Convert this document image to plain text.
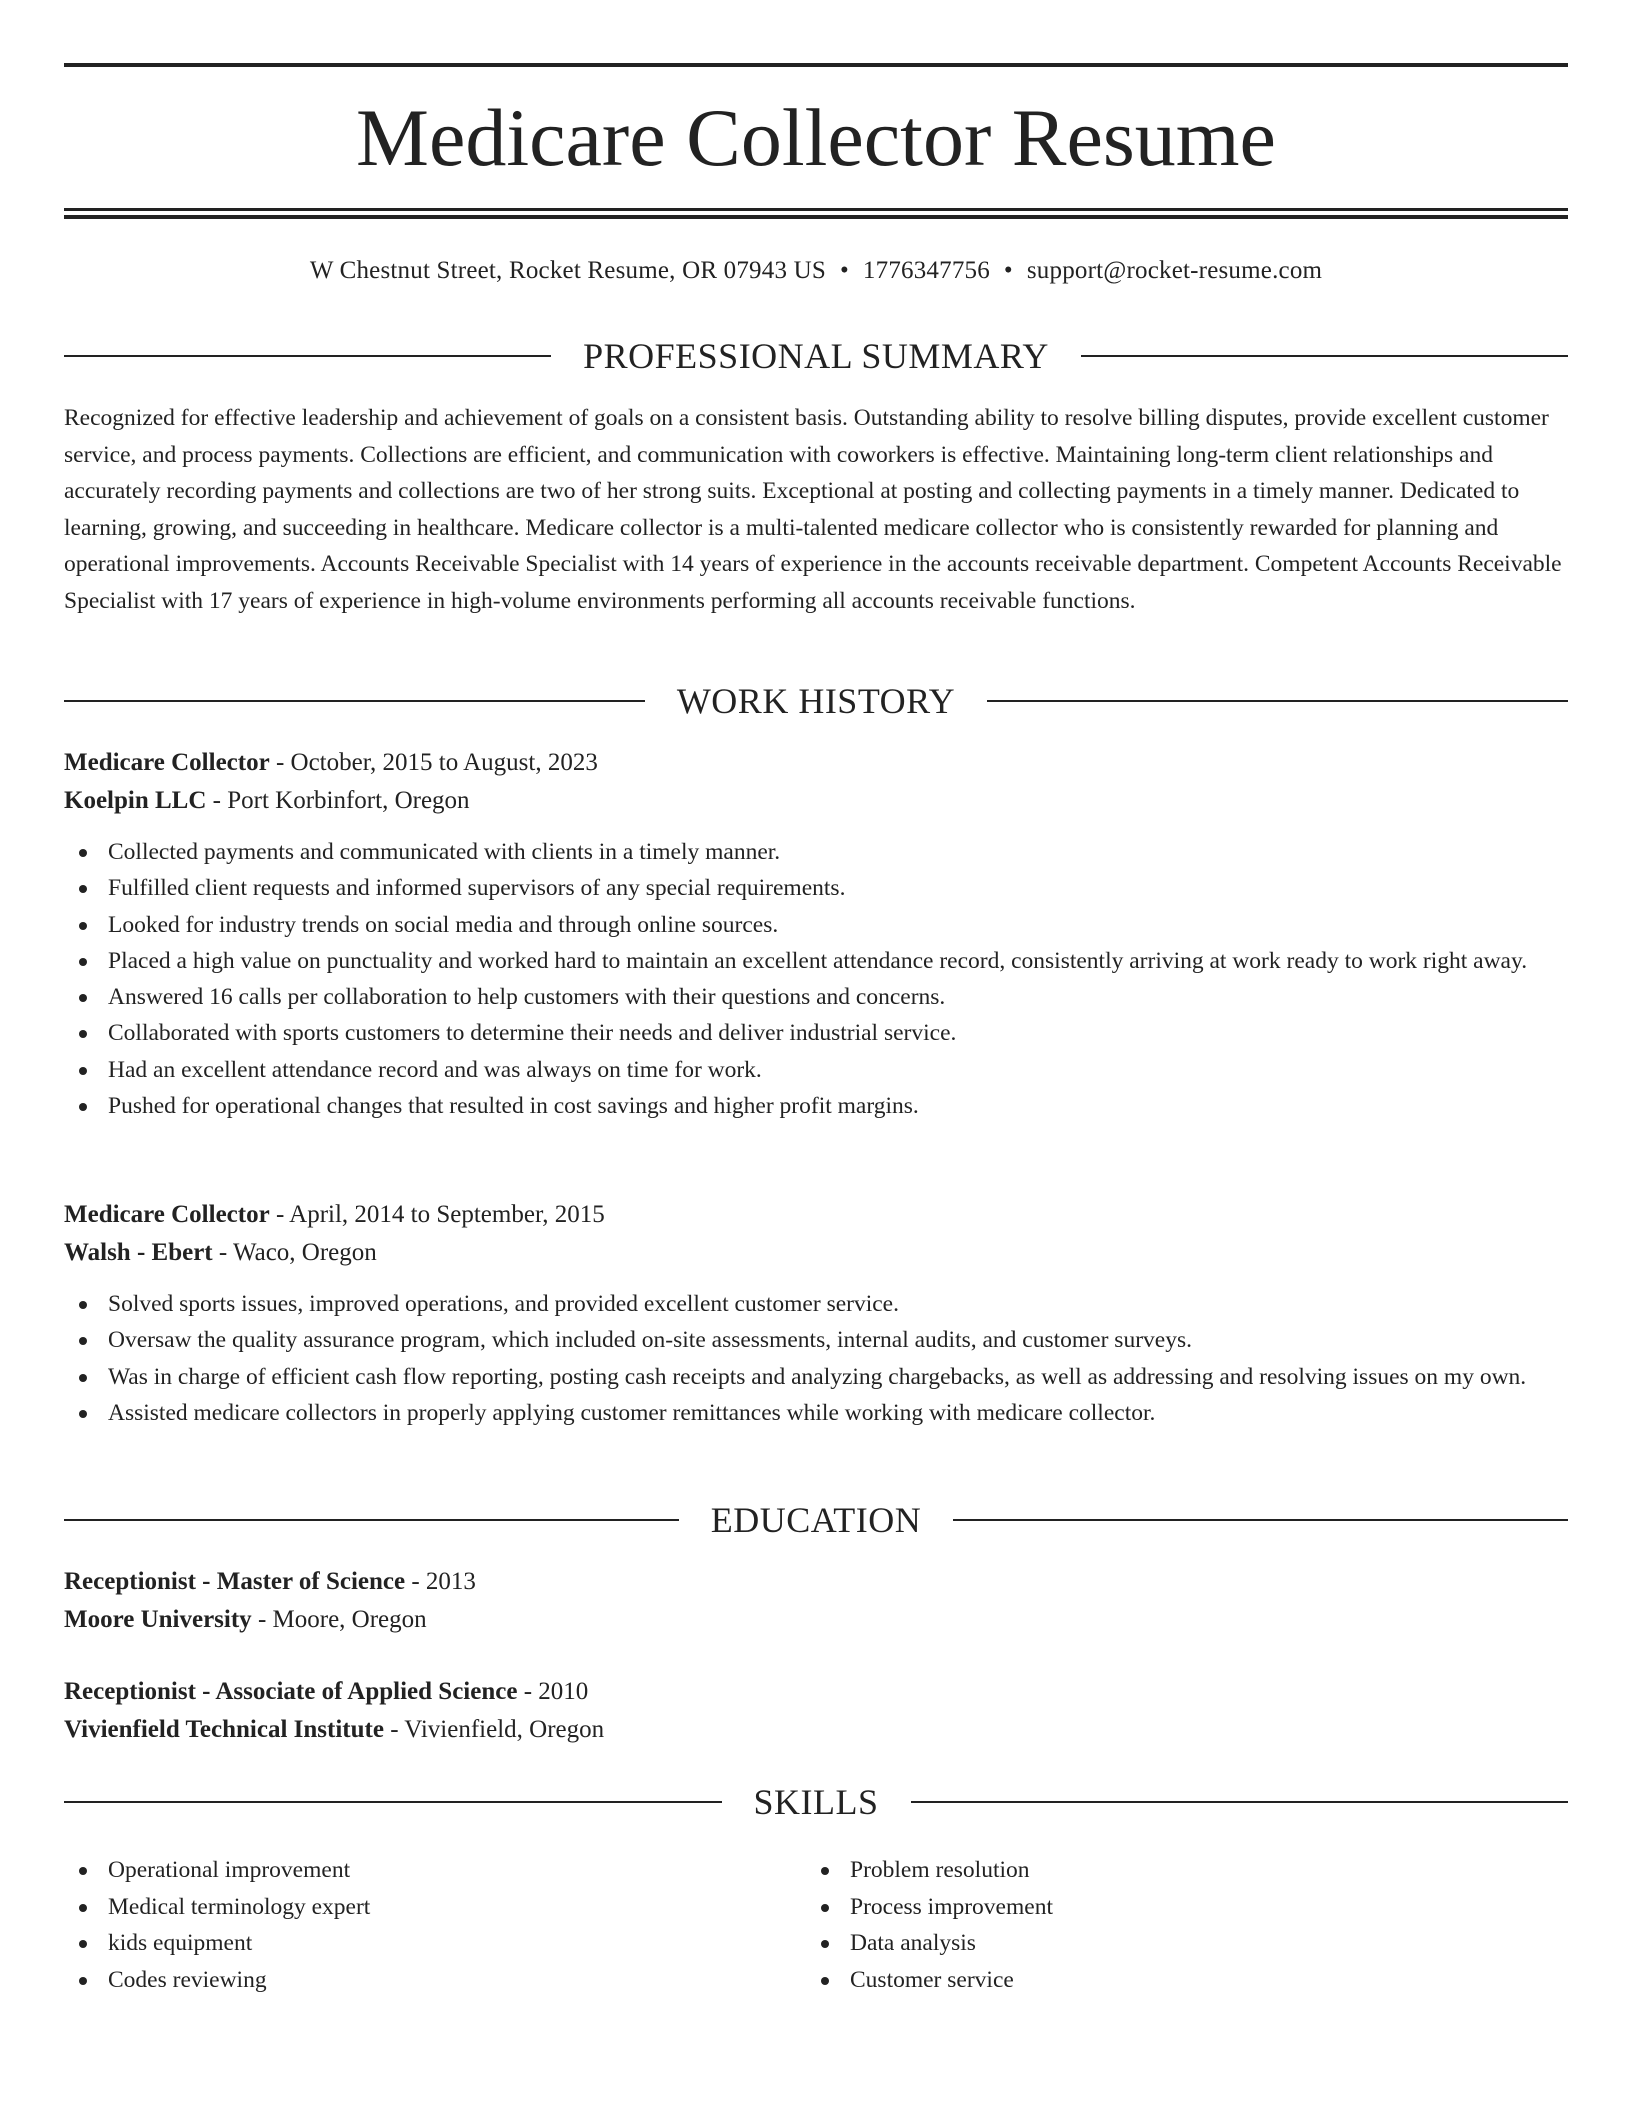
Medicare Collector Resume
W Chestnut Street, Rocket Resume, OR 07943 US • 1776347756 • support@rocket-resume.com
PROFESSIONAL SUMMARY

Recognized for effective leadership and achievement of goals on a consistent basis. Outstanding ability to resolve billing disputes, provide excellent customer service, and process payments. Collections are efficient, and communication with coworkers is effective. Maintaining long-term client relationships and accurately recording payments and collections are two of her strong suits. Exceptional at posting and collecting payments in a timely manner. Dedicated to learning, growing, and succeeding in healthcare. Medicare collector is a multi-talented medicare collector who is consistently rewarded for planning and operational improvements. Accounts Receivable Specialist with 14 years of experience in the accounts receivable department. Competent Accounts Receivable Specialist with 17 years of experience in high-volume environments performing all accounts receivable functions.

WORK HISTORY

Medicare Collector - October, 2015 to August, 2023

Koelpin LLC - Port Korbinfort, Oregon

Collected payments and communicated with clients in a timely manner.
Fulfilled client requests and informed supervisors of any special requirements.
Looked for industry trends on social media and through online sources.
Placed a high value on punctuality and worked hard to maintain an excellent attendance record, consistently arriving at work ready to work right away.
Answered 16 calls per collaboration to help customers with their questions and concerns.
Collaborated with sports customers to determine their needs and deliver industrial service.
Had an excellent attendance record and was always on time for work.
Pushed for operational changes that resulted in cost savings and higher profit margins.

Medicare Collector - April, 2014 to September, 2015

Walsh - Ebert - Waco, Oregon

Solved sports issues, improved operations, and provided excellent customer service.
Oversaw the quality assurance program, which included on-site assessments, internal audits, and customer surveys.
Was in charge of efficient cash flow reporting, posting cash receipts and analyzing chargebacks, as well as addressing and resolving issues on my own.
Assisted medicare collectors in properly applying customer remittances while working with medicare collector.
EDUCATION

Receptionist - Master of Science - 2013

Moore University - Moore, Oregon

Receptionist - Associate of Applied Science - 2010

Vivienfield Technical Institute - Vivienfield, Oregon

SKILLS
Operational improvement
Medical terminology expert
kids equipment
Codes reviewing
Problem resolution
Process improvement
Data analysis
Customer service
